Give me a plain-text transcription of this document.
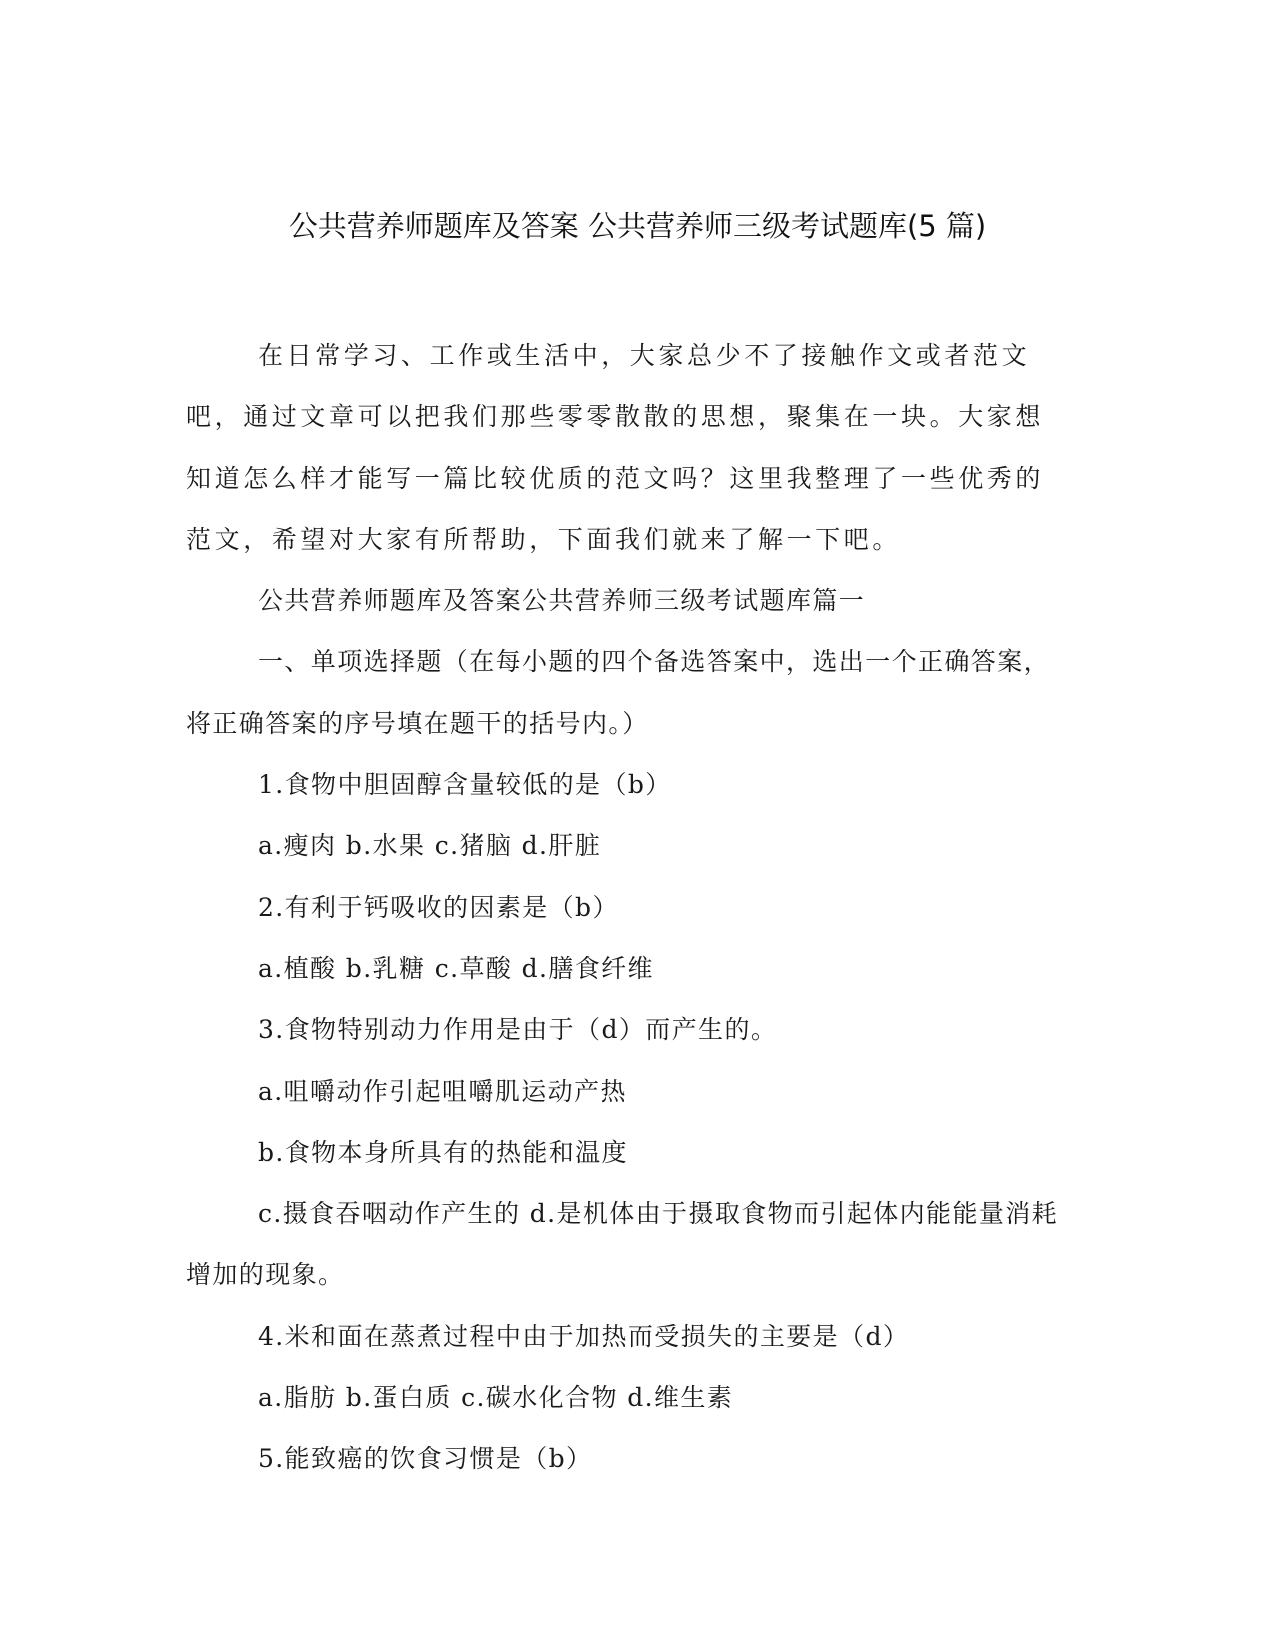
公共营养师题库及答案 公共营养师三级考试题库(5 篇)

在日常学习、工作或生活中，大家总少不了接触作文或者范文吧，通过文章可以把我们那些零零散散的思想，聚集在一块。大家想知道怎么样才能写一篇比较优质的范文吗？这里我整理了一些优秀的范文，希望对大家有所帮助，下面我们就来了解一下吧。

公共营养师题库及答案公共营养师三级考试题库篇一

一、单项选择题（在每小题的四个备选答案中，选出一个正确答案，将正确答案的序号填在题干的括号内。）

1.食物中胆固醇含量较低的是（b）

a.瘦肉 b.水果 c.猪脑 d.肝脏

2.有利于钙吸收的因素是（b）

a.植酸 b.乳糖 c.草酸 d.膳食纤维

3.食物特别动力作用是由于（d）而产生的。

a.咀嚼动作引起咀嚼肌运动产热

b.食物本身所具有的热能和温度

c.摄食吞咽动作产生的 d.是机体由于摄取食物而引起体内能能量消耗增加的现象。

4.米和面在蒸煮过程中由于加热而受损失的主要是（d）

a.脂肪 b.蛋白质 c.碳水化合物 d.维生素

5.能致癌的饮食习惯是（b）
